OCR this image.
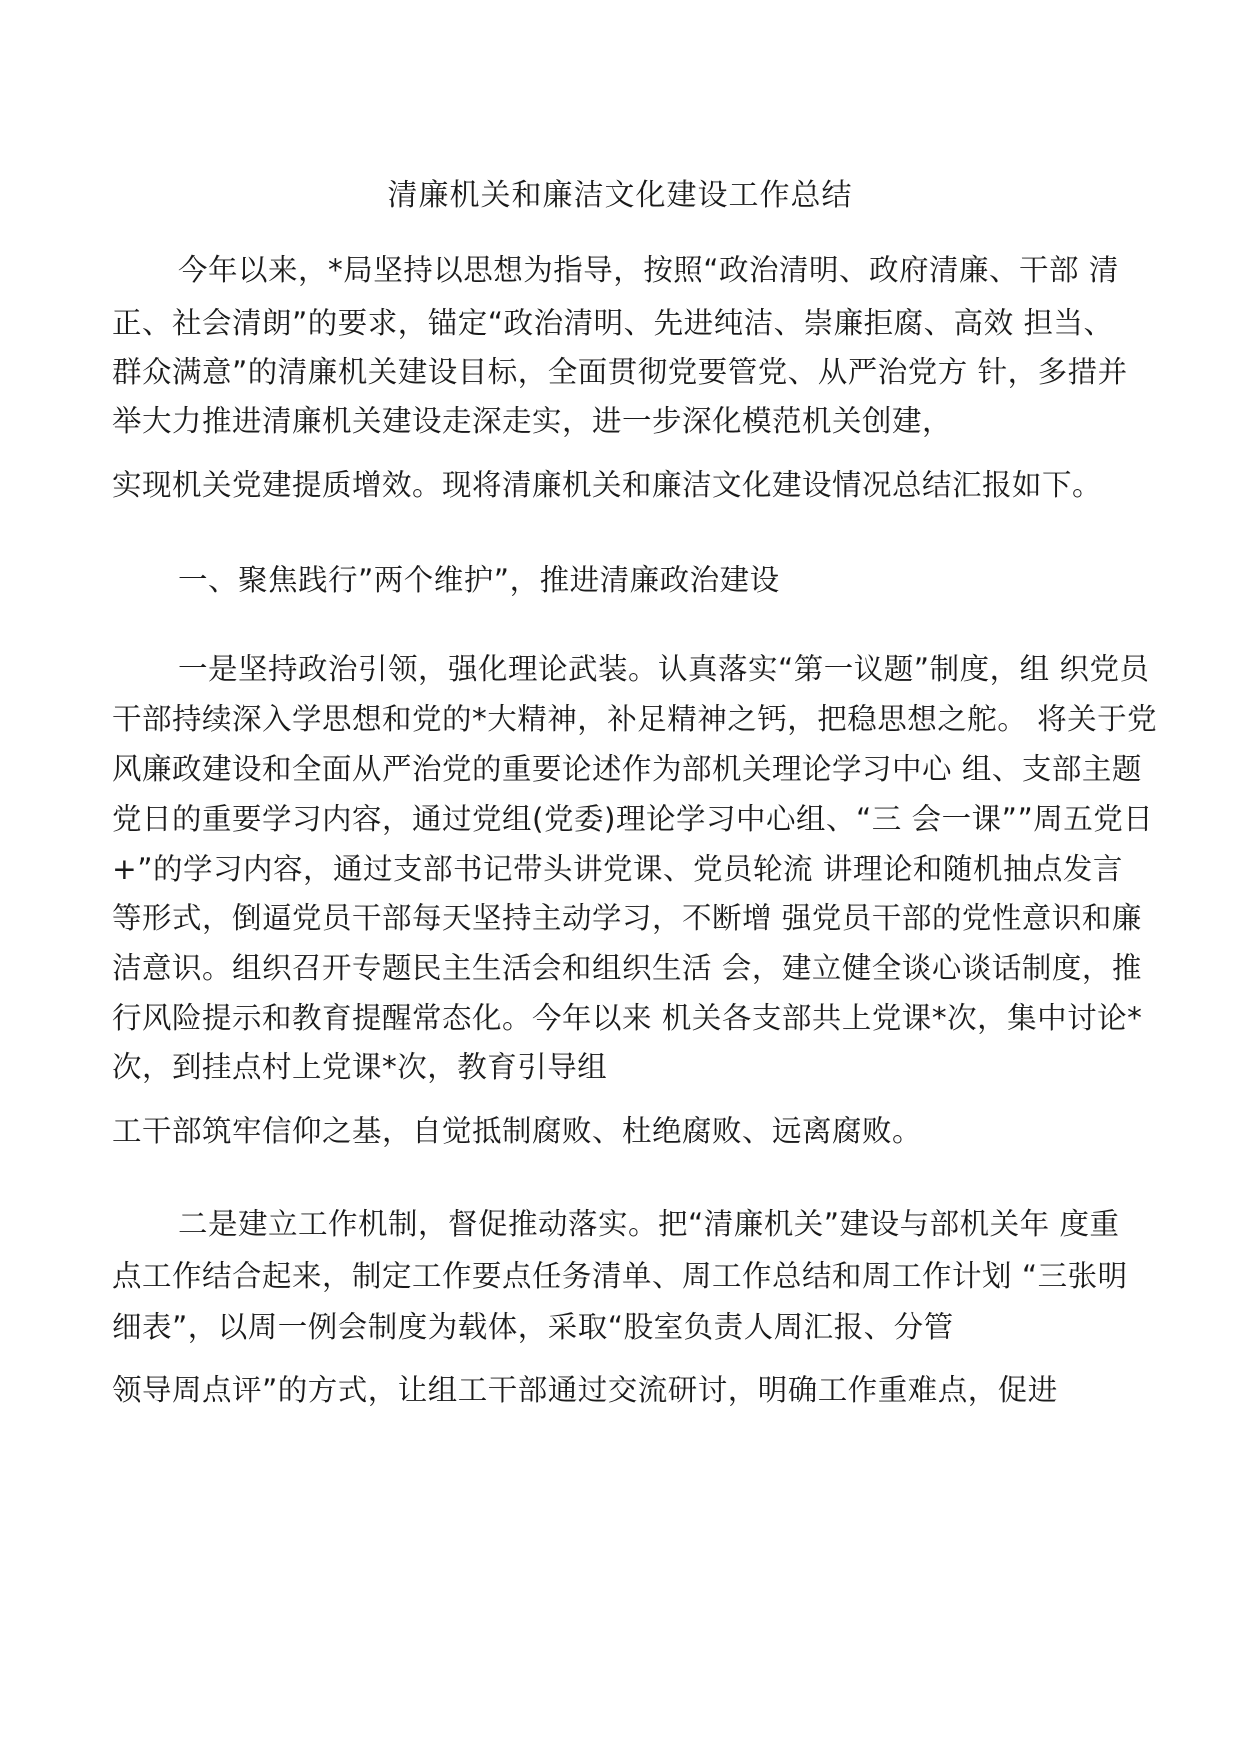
清廉机关和廉洁文化建设工作总结
今年以来，*局坚持以思想为指导，按照“政治清明、政府清廉、干部 清
正、社会清朗”的要求，锚定“政治清明、先进纯洁、崇廉拒腐、高效 担当、
群众满意”的清廉机关建设目标，全面贯彻党要管党、从严治党方 针，多措并
举大力推进清廉机关建设走深走实，进一步深化模范机关创建，
实现机关党建提质增效。现将清廉机关和廉洁文化建设情况总结汇报如下。
一、聚焦践行”两个维护”，推进清廉政治建设
一是坚持政治引领，强化理论武装。认真落实“第一议题”制度，组 织党员
干部持续深入学思想和党的*大精神，补足精神之钙，把稳思想之舵。 将关于党
风廉政建设和全面从严治党的重要论述作为部机关理论学习中心 组、支部主题
党日的重要学习内容，通过党组(党委)理论学习中心组、“三 会一课””周五党日
+”的学习内容，通过支部书记带头讲党课、党员轮流 讲理论和随机抽点发言
等形式，倒逼党员干部每天坚持主动学习，不断增 强党员干部的党性意识和廉
洁意识。组织召开专题民主生活会和组织生活 会，建立健全谈心谈话制度，推
行风险提示和教育提醒常态化。今年以来 机关各支部共上党课*次，集中讨论*
次，到挂点村上党课*次，教育引导组
工干部筑牢信仰之基，自觉抵制腐败、杜绝腐败、远离腐败。
二是建立工作机制，督促推动落实。把“清廉机关”建设与部机关年 度重
点工作结合起来，制定工作要点任务清单、周工作总结和周工作计划 “三张明
细表”，以周一例会制度为载体，采取“股室负责人周汇报、分管
领导周点评”的方式，让组工干部通过交流研讨，明确工作重难点，促进
